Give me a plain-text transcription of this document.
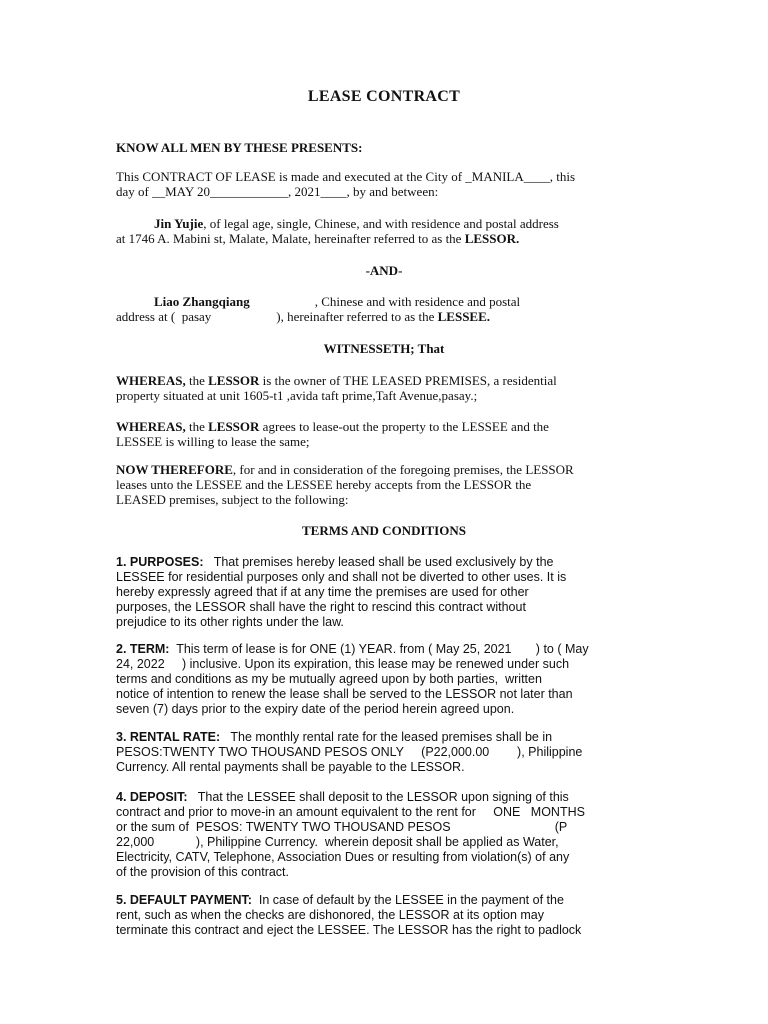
LEASE CONTRACT
KNOW ALL MEN BY THESE PRESENTS:
This CONTRACT OF LEASE is made and executed at the City of _MANILA____, this
day of __MAY 20____________, 2021____, by and between:
Jin Yujie, of legal age, single, Chinese, and with residence and postal address
at 1746 A. Mabini st, Malate, Malate, hereinafter referred to as the LESSOR.
-AND-
Liao Zhangqiang                    , Chinese and with residence and postal
address at (  pasay                    ), hereinafter referred to as the LESSEE.
WITNESSETH; That
WHEREAS, the LESSOR is the owner of THE LEASED PREMISES, a residential
property situated at unit 1605-t1 ,avida taft prime,Taft Avenue,pasay.;
WHEREAS, the LESSOR agrees to lease-out the property to the LESSEE and the
LESSEE is willing to lease the same;
NOW THEREFORE, for and in consideration of the foregoing premises, the LESSOR
leases unto the LESSEE and the LESSEE hereby accepts from the LESSOR the
LEASED premises, subject to the following:
TERMS AND CONDITIONS
1. PURPOSES:   That premises hereby leased shall be used exclusively by the
LESSEE for residential purposes only and shall not be diverted to other uses. It is
hereby expressly agreed that if at any time the premises are used for other
purposes, the LESSOR shall have the right to rescind this contract without
prejudice to its other rights under the law.
2. TERM:  This term of lease is for ONE (1) YEAR. from ( May 25, 2021       ) to ( May
24, 2022     ) inclusive. Upon its expiration, this lease may be renewed under such
terms and conditions as my be mutually agreed upon by both parties,  written
notice of intention to renew the lease shall be served to the LESSOR not later than
seven (7) days prior to the expiry date of the period herein agreed upon.
3. RENTAL RATE:   The monthly rental rate for the leased premises shall be in
PESOS:TWENTY TWO THOUSAND PESOS ONLY     (P22,000.00        ), Philippine
Currency. All rental payments shall be payable to the LESSOR.
4. DEPOSIT:   That the LESSEE shall deposit to the LESSOR upon signing of this
contract and prior to move-in an amount equivalent to the rent for     ONE   MONTHS
or the sum of  PESOS: TWENTY TWO THOUSAND PESOS                              (P
22,000            ), Philippine Currency.  wherein deposit shall be applied as Water,
Electricity, CATV, Telephone, Association Dues or resulting from violation(s) of any
of the provision of this contract.
5. DEFAULT PAYMENT:  In case of default by the LESSEE in the payment of the
rent, such as when the checks are dishonored, the LESSOR at its option may
terminate this contract and eject the LESSEE. The LESSOR has the right to padlock
